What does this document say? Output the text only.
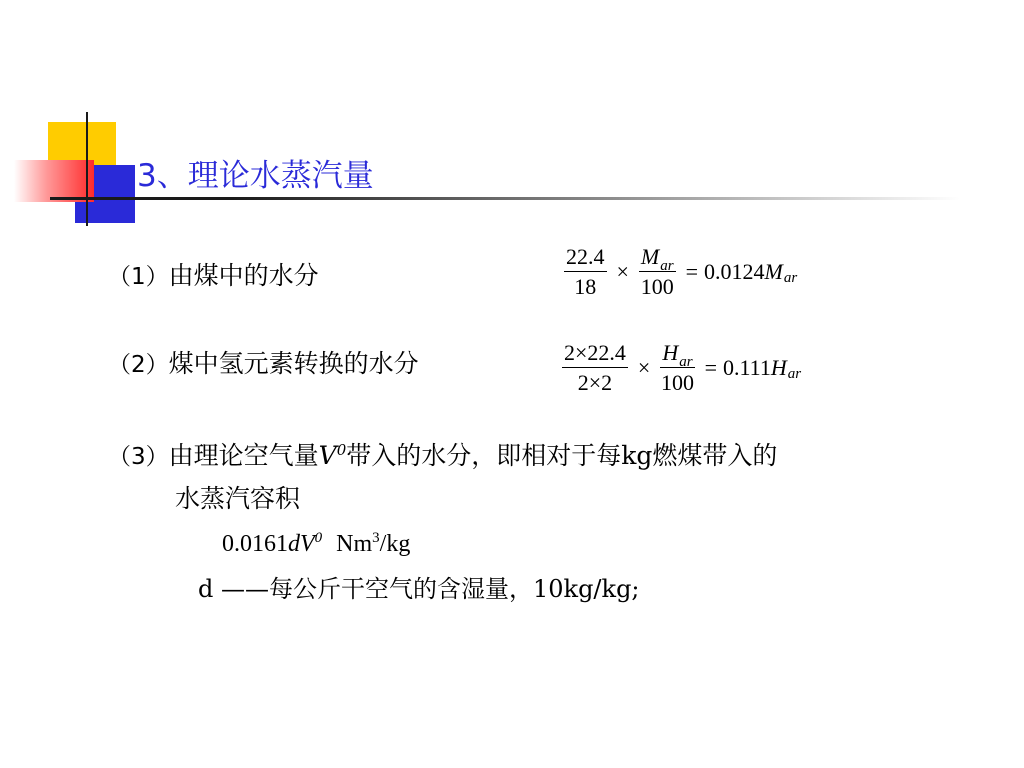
3、理论水蒸汽量
（1）由煤中的水分	$\frac{22.4}{18} \times \frac{M_{ar}}{100} = 0.0124$ M ar
（2）煤中氢元素转换的水分	$\frac{2\times 22.4}{2\times 2} \times \frac{H_{ar}}{100} = 0.111$ H ar
（3）由理论空气量$V^0$带入的水分，即相对于每kg燃煤带入的
水蒸汽容积
$0.0161dV^0$ Nm$^3$/kg
d ——每公斤干空气的含湿量，10kg/kg;
